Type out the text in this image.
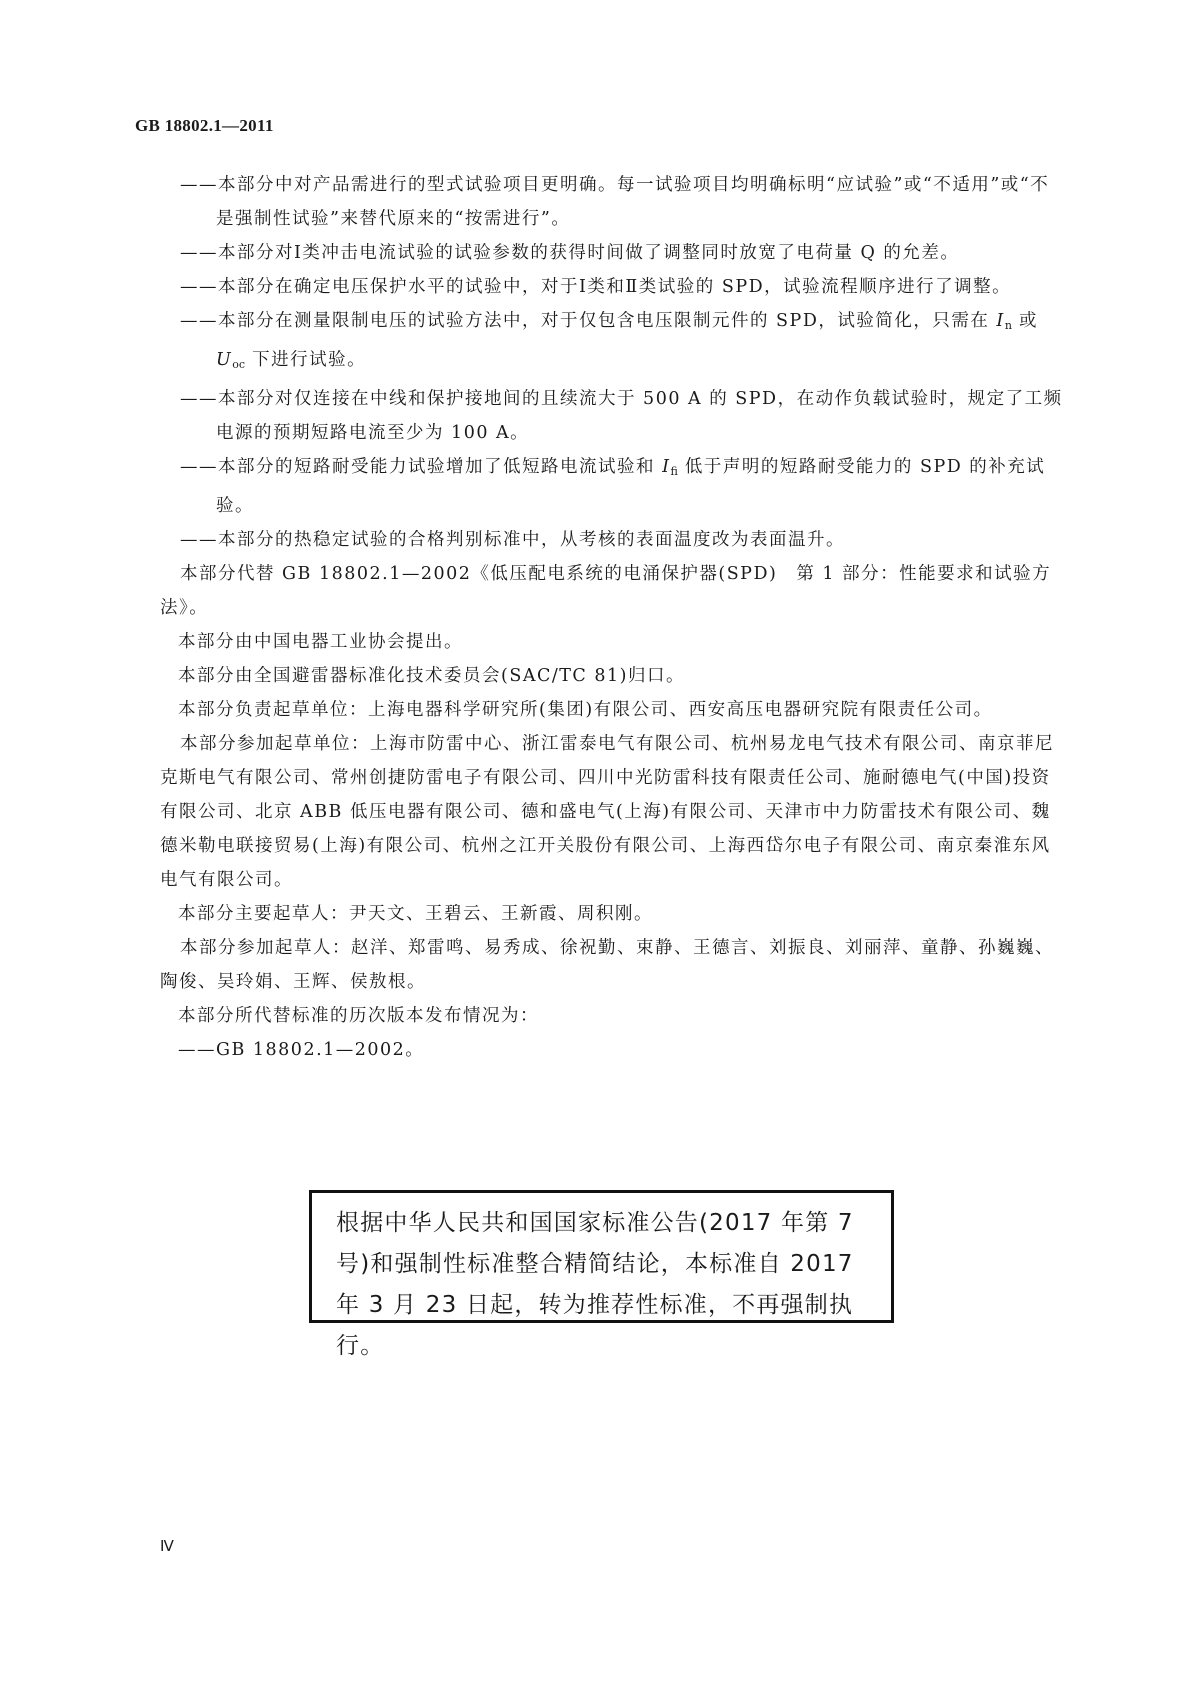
GB 18802.1—2011

——本部分中对产品需进行的型式试验项目更明确。每一试验项目均明确标明“应试验”或“不适用”或“不是强制性试验”来替代原来的“按需进行”。

——本部分对Ⅰ类冲击电流试验的试验参数的获得时间做了调整同时放宽了电荷量 Q 的允差。

——本部分在确定电压保护水平的试验中，对于Ⅰ类和Ⅱ类试验的 SPD，试验流程顺序进行了调整。

——本部分在测量限制电压的试验方法中，对于仅包含电压限制元件的 SPD，试验简化，只需在 $I_n$ 或 $U_{oc}$ 下进行试验。

——本部分对仅连接在中线和保护接地间的且续流大于 500 A 的 SPD，在动作负载试验时，规定了工频电源的预期短路电流至少为 100 A。

——本部分的短路耐受能力试验增加了低短路电流试验和 $I_{fi}$ 低于声明的短路耐受能力的 SPD 的补充试验。

——本部分的热稳定试验的合格判别标准中，从考核的表面温度改为表面温升。

本部分代替 GB 18802.1—2002《低压配电系统的电涌保护器(SPD)　第 1 部分：性能要求和试验方法》。

本部分由中国电器工业协会提出。

本部分由全国避雷器标准化技术委员会(SAC/TC 81)归口。

本部分负责起草单位：上海电器科学研究所(集团)有限公司、西安高压电器研究院有限责任公司。

本部分参加起草单位：上海市防雷中心、浙江雷泰电气有限公司、杭州易龙电气技术有限公司、南京菲尼克斯电气有限公司、常州创捷防雷电子有限公司、四川中光防雷科技有限责任公司、施耐德电气(中国)投资有限公司、北京 ABB 低压电器有限公司、德和盛电气(上海)有限公司、天津市中力防雷技术有限公司、魏德米勒电联接贸易(上海)有限公司、杭州之江开关股份有限公司、上海西岱尔电子有限公司、南京秦淮东风电气有限公司。

本部分主要起草人：尹天文、王碧云、王新霞、周积刚。

本部分参加起草人：赵洋、郑雷鸣、易秀成、徐祝勤、束静、王德言、刘振良、刘丽萍、童静、孙巍巍、陶俊、吴玲娟、王辉、侯敖根。

本部分所代替标准的历次版本发布情况为：

——GB 18802.1—2002。

根据中华人民共和国国家标准公告(2017 年第 7
号)和强制性标准整合精简结论，本标准自 2017
年 3 月 23 日起，转为推荐性标准，不再强制执行。
Ⅳ
